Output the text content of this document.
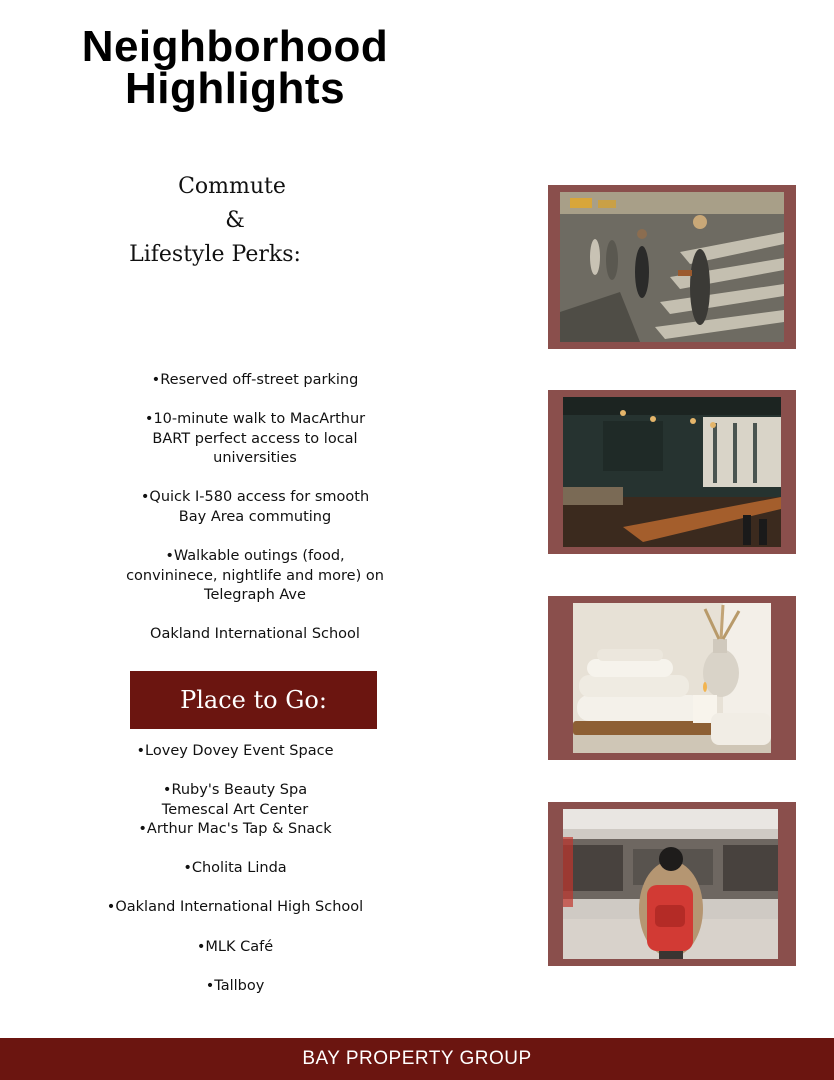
Neighborhood
Highlights
Commute
&
Lifestyle Perks:

•Reserved off-street parking

•10-minute walk to MacArthur BART perfect access to local universities

•Quick I-580 access for smooth Bay Area commuting

•Walkable outings (food, convininece, nightlife and more) on Telegraph Ave

Oakland International School

Place to Go:

•Lovey Dovey Event Space

•Ruby's Beauty Spa

Temescal Art Center

•Arthur Mac's Tap & Snack

•Cholita Linda

•Oakland International High School

•MLK Café

•Tallboy

BAY PROPERTY GROUP
